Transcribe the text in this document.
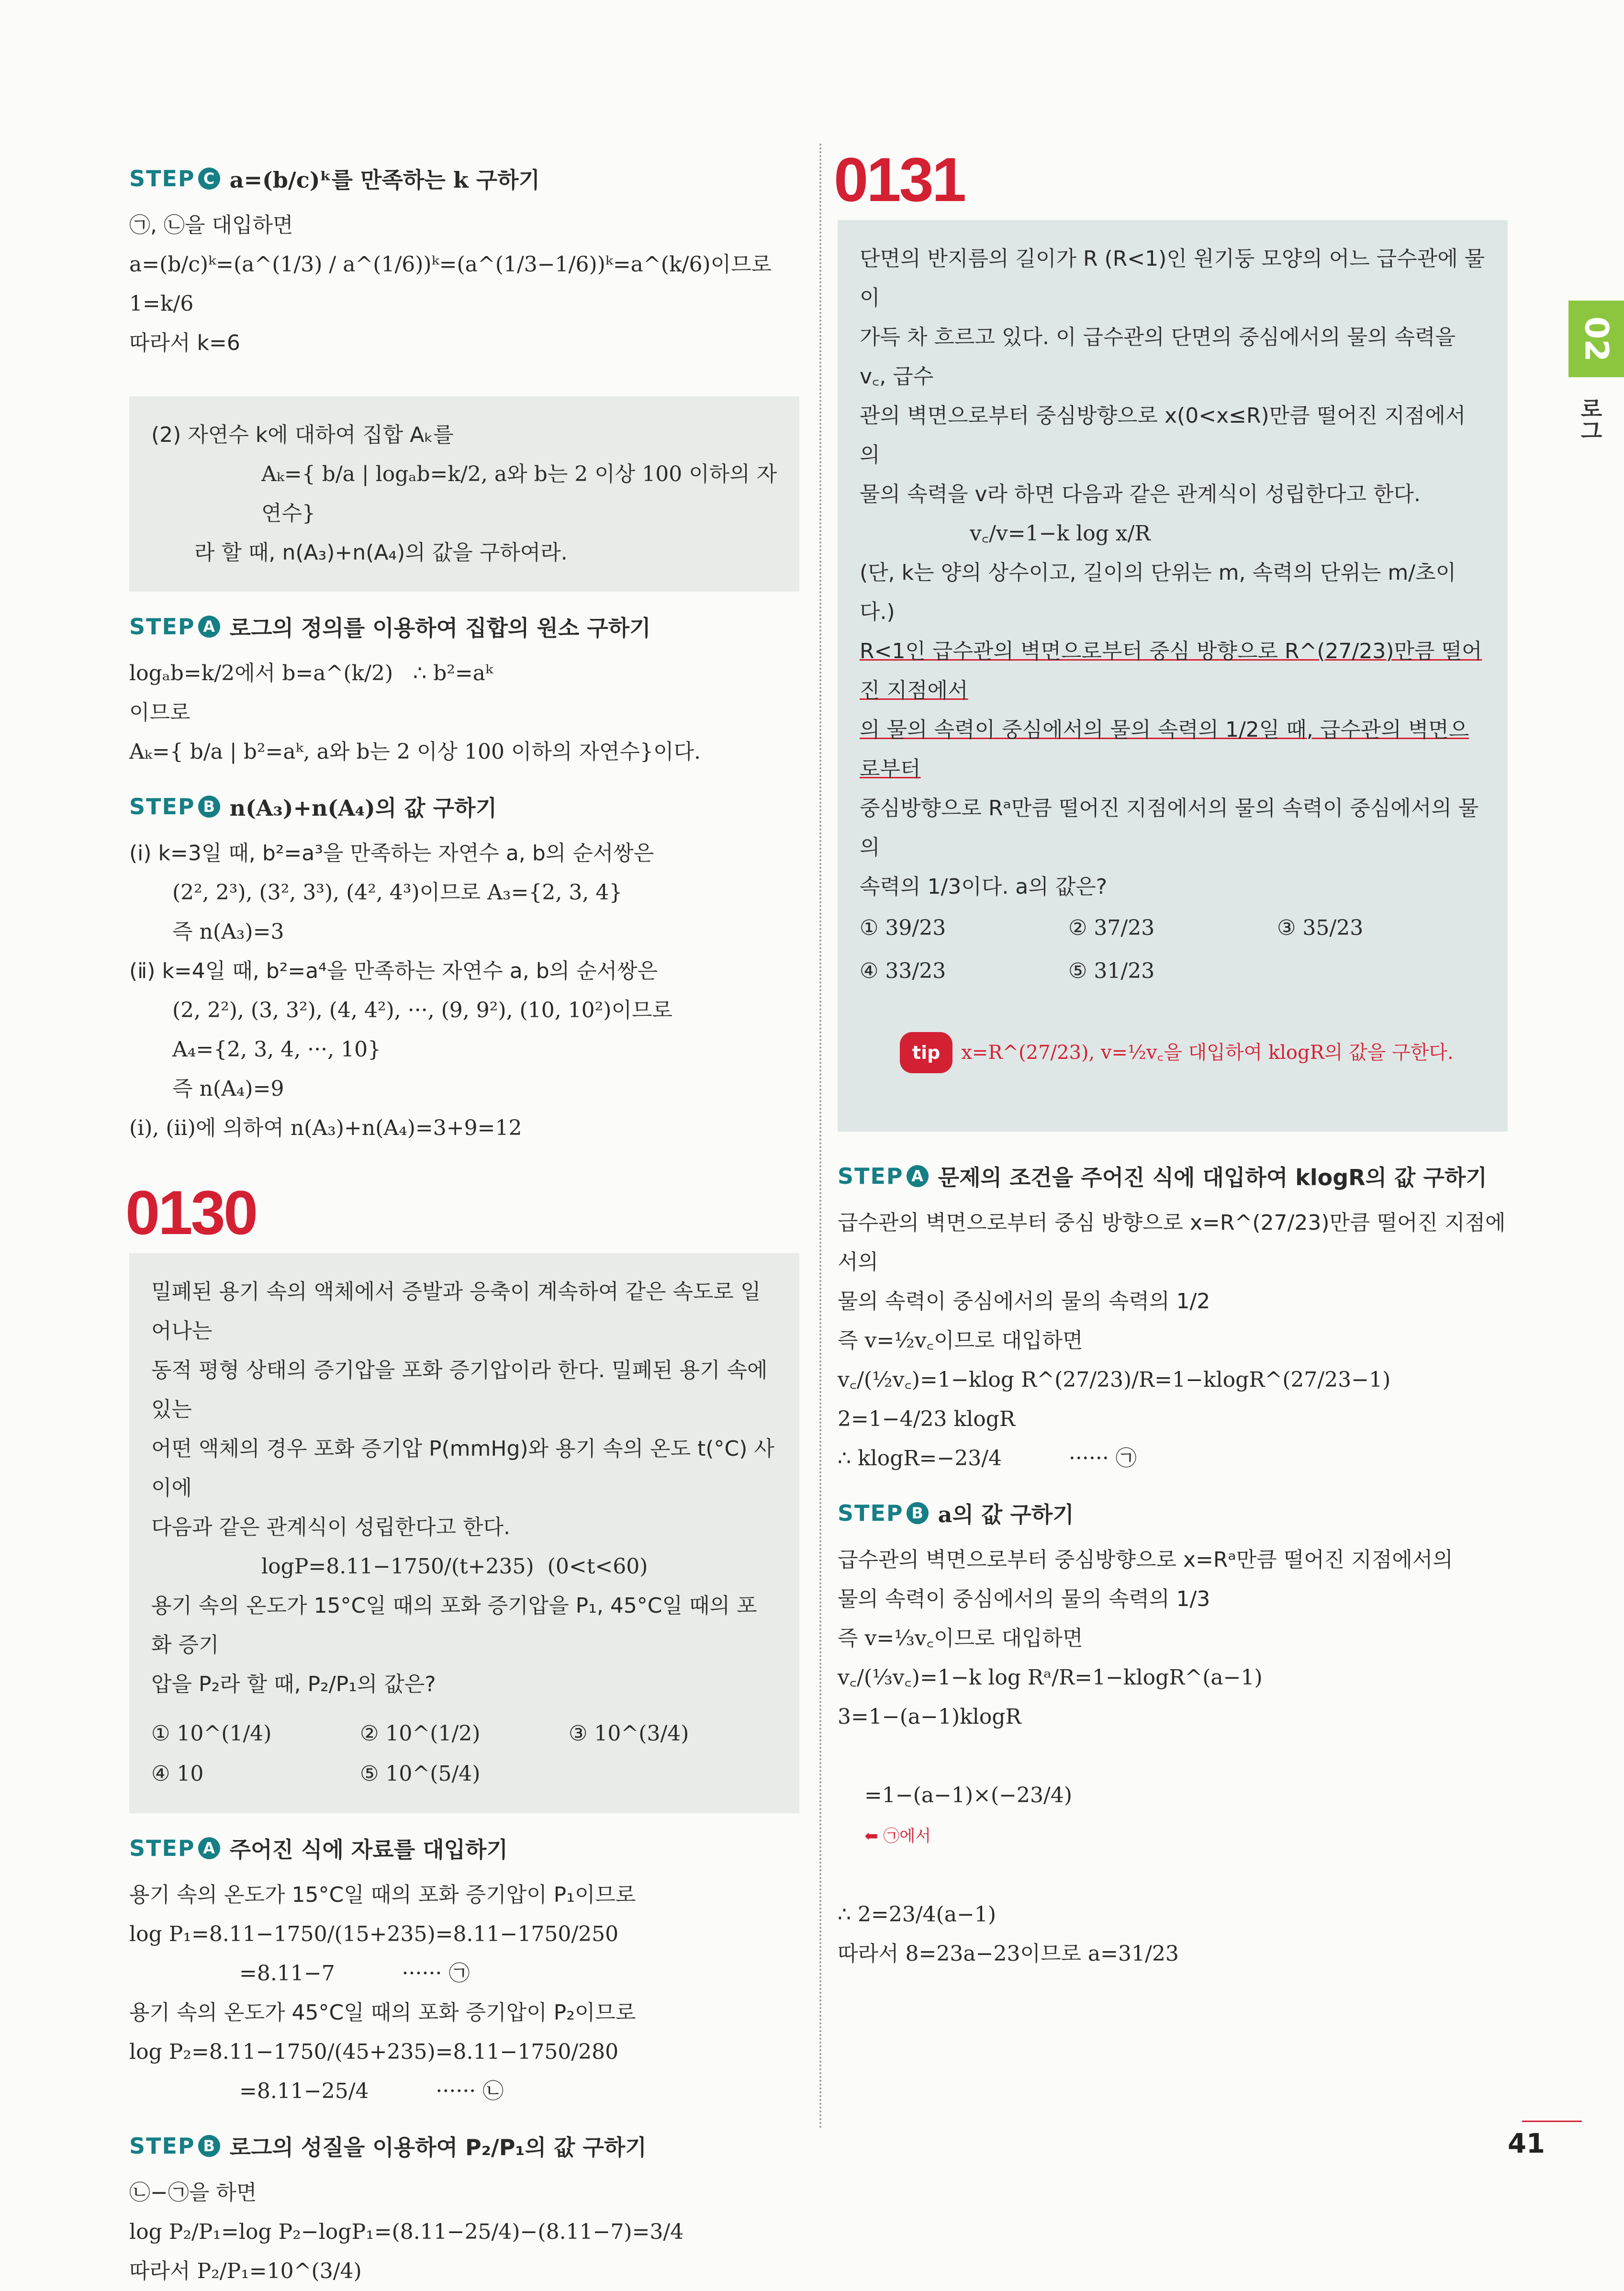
02
로그
STEP C a=(b/c)ᵏ를 만족하는 k 구하기
㉠, ㉡을 대입하면
a=(b/c)ᵏ=(a^(1/3) / a^(1/6))ᵏ=(a^(1/3−1/6))ᵏ=a^(k/6)이므로 1=k/6
따라서 k=6
(2) 자연수 k에 대하여 집합 Aₖ를
Aₖ={ b/a | logₐb=k/2, a와 b는 2 이상 100 이하의 자연수}
라 할 때, n(A₃)+n(A₄)의 값을 구하여라.
STEP A 로그의 정의를 이용하여 집합의 원소 구하기
logₐb=k/2에서 b=a^(k/2)   ∴ b²=aᵏ
이므로
Aₖ={ b/a | b²=aᵏ, a와 b는 2 이상 100 이하의 자연수}이다.
STEP B n(A₃)+n(A₄)의 값 구하기
(ⅰ) k=3일 때, b²=a³을 만족하는 자연수 a, b의 순서쌍은
(2², 2³), (3², 3³), (4², 4³)이므로 A₃={2, 3, 4}
즉 n(A₃)=3
(ⅱ) k=4일 때, b²=a⁴을 만족하는 자연수 a, b의 순서쌍은
(2, 2²), (3, 3²), (4, 4²), ···, (9, 9²), (10, 10²)이므로
A₄={2, 3, 4, ···, 10}
즉 n(A₄)=9
(ⅰ), (ⅱ)에 의하여 n(A₃)+n(A₄)=3+9=12
0130
밀폐된 용기 속의 액체에서 증발과 응축이 계속하여 같은 속도로 일어나는
동적 평형 상태의 증기압을 포화 증기압이라 한다. 밀폐된 용기 속에 있는
어떤 액체의 경우 포화 증기압 P(mmHg)와 용기 속의 온도 t(°C) 사이에
다음과 같은 관계식이 성립한다고 한다.
logP=8.11−1750/(t+235)  (0<t<60)
용기 속의 온도가 15°C일 때의 포화 증기압을 P₁, 45°C일 때의 포화 증기
압을 P₂라 할 때, P₂/P₁의 값은?
① 10^(1/4)	② 10^(1/2)	③ 10^(3/4)
④ 10	⑤ 10^(5/4)
STEP A 주어진 식에 자료를 대입하기
용기 속의 온도가 15°C일 때의 포화 증기압이 P₁이므로
log P₁=8.11−1750/(15+235)=8.11−1750/250
=8.11−7          ······ ㉠
용기 속의 온도가 45°C일 때의 포화 증기압이 P₂이므로
log P₂=8.11−1750/(45+235)=8.11−1750/280
=8.11−25/4          ······ ㉡
STEP B 로그의 성질을 이용하여 P₂/P₁의 값 구하기
㉡−㉠을 하면
log P₂/P₁=log P₂−logP₁=(8.11−25/4)−(8.11−7)=3/4
따라서 P₂/P₁=10^(3/4)
0131
단면의 반지름의 길이가 R (R<1)인 원기둥 모양의 어느 급수관에 물이
가득 차 흐르고 있다. 이 급수관의 단면의 중심에서의 물의 속력을 v꜀, 급수
관의 벽면으로부터 중심방향으로 x(0<x≤R)만큼 떨어진 지점에서의
물의 속력을 v라 하면 다음과 같은 관계식이 성립한다고 한다.
v꜀/v=1−k log x/R
(단, k는 양의 상수이고, 길이의 단위는 m, 속력의 단위는 m/초이다.)
R<1인 급수관의 벽면으로부터 중심 방향으로 R^(27/23)만큼 떨어진 지점에서
의 물의 속력이 중심에서의 물의 속력의 1/2일 때, 급수관의 벽면으로부터
중심방향으로 Rᵃ만큼 떨어진 지점에서의 물의 속력이 중심에서의 물의
속력의 1/3이다. a의 값은?
① 39/23	② 37/23	③ 35/23
④ 33/23	⑤ 31/23

tip x=R^(27/23), v=½v꜀을 대입하여 klogR의 값을 구한다.

STEP A 문제의 조건을 주어진 식에 대입하여 klogR의 값 구하기
급수관의 벽면으로부터 중심 방향으로 x=R^(27/23)만큼 떨어진 지점에서의
물의 속력이 중심에서의 물의 속력의 1/2
즉 v=½v꜀이므로 대입하면
v꜀/(½v꜀)=1−klog R^(27/23)/R=1−klogR^(27/23−1)
2=1−4/23 klogR
∴ klogR=−23/4          ······ ㉠
STEP B a의 값 구하기
급수관의 벽면으로부터 중심방향으로 x=Rᵃ만큼 떨어진 지점에서의
물의 속력이 중심에서의 물의 속력의 1/3
즉 v=⅓v꜀이므로 대입하면
v꜀/(⅓v꜀)=1−k log Rᵃ/R=1−klogR^(a−1)
3=1−(a−1)klogR

=1−(a−1)×(−23/4)
⬅ ㉠에서

∴ 2=23/4(a−1)
따라서 8=23a−23이므로 a=31/23
41
